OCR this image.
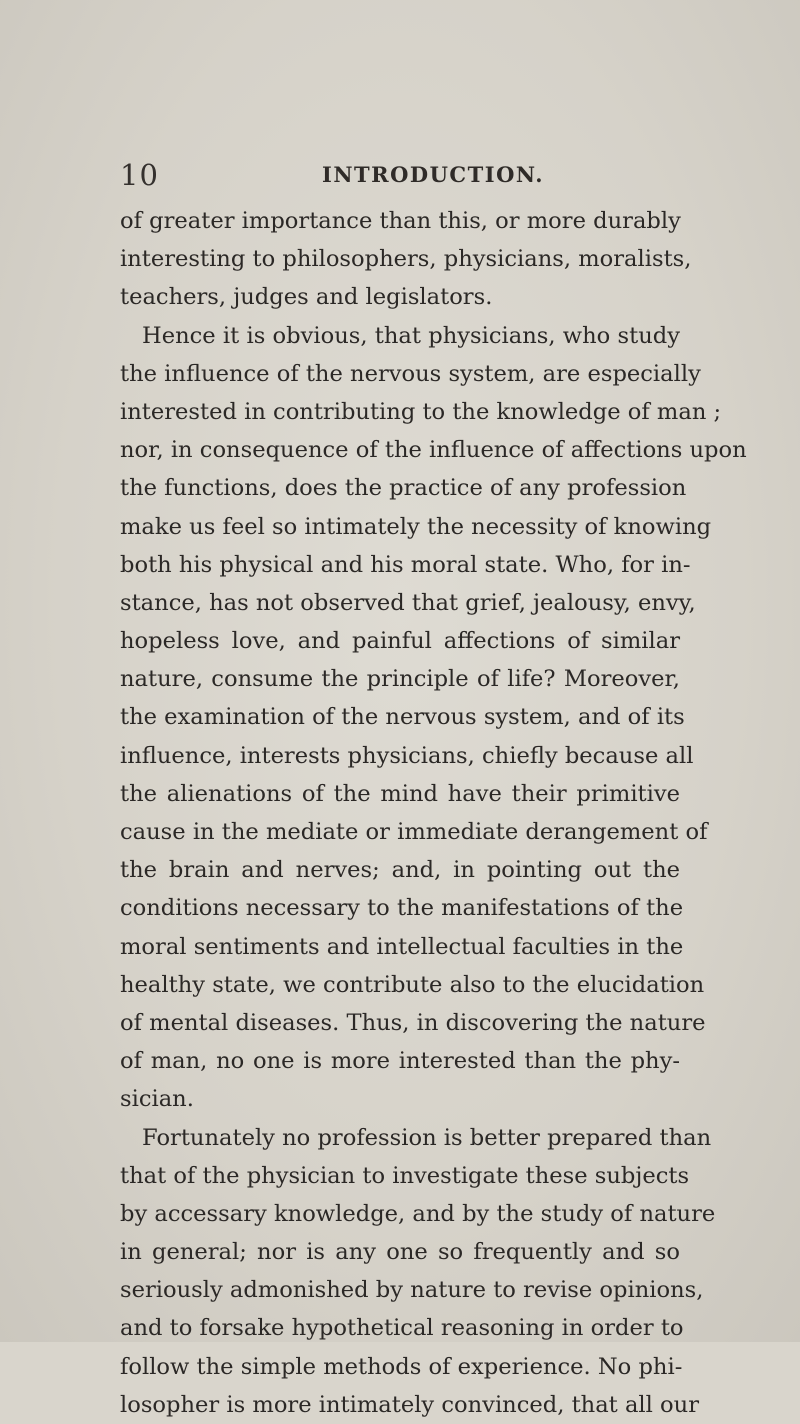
10	INTRODUCTION.
of greater importance than this, or more durably
interesting to philosophers, physicians, moralists,
teachers, judges and legislators.
Hence it is obvious, that physicians, who study
the influence of the nervous system, are especially
interested in contributing to the knowledge of man ;
nor, in consequence of the influence of affections upon
the functions, does the practice of any profession
make us feel so intimately the necessity of knowing
both his physical and his moral state. Who, for in-
stance, has not observed that grief, jealousy, envy,
hopeless love, and painful affections of similar
nature, consume the principle of life? Moreover,
the examination of the nervous system, and of its
influence, interests physicians, chiefly because all
the alienations of the mind have their primitive
cause in the mediate or immediate derangement of
the brain and nerves; and, in pointing out the
conditions necessary to the manifestations of the
moral sentiments and intellectual faculties in the
healthy state, we contribute also to the elucidation
of mental diseases. Thus, in discovering the nature
of man, no one is more interested than the phy-
sician.
Fortunately no profession is better prepared than
that of the physician to investigate these subjects
by accessary knowledge, and by the study of nature
in general; nor is any one so frequently and so
seriously admonished by nature to revise opinions,
and to forsake hypothetical reasoning in order to
follow the simple methods of experience. No phi-
losopher is more intimately convinced, that all our
